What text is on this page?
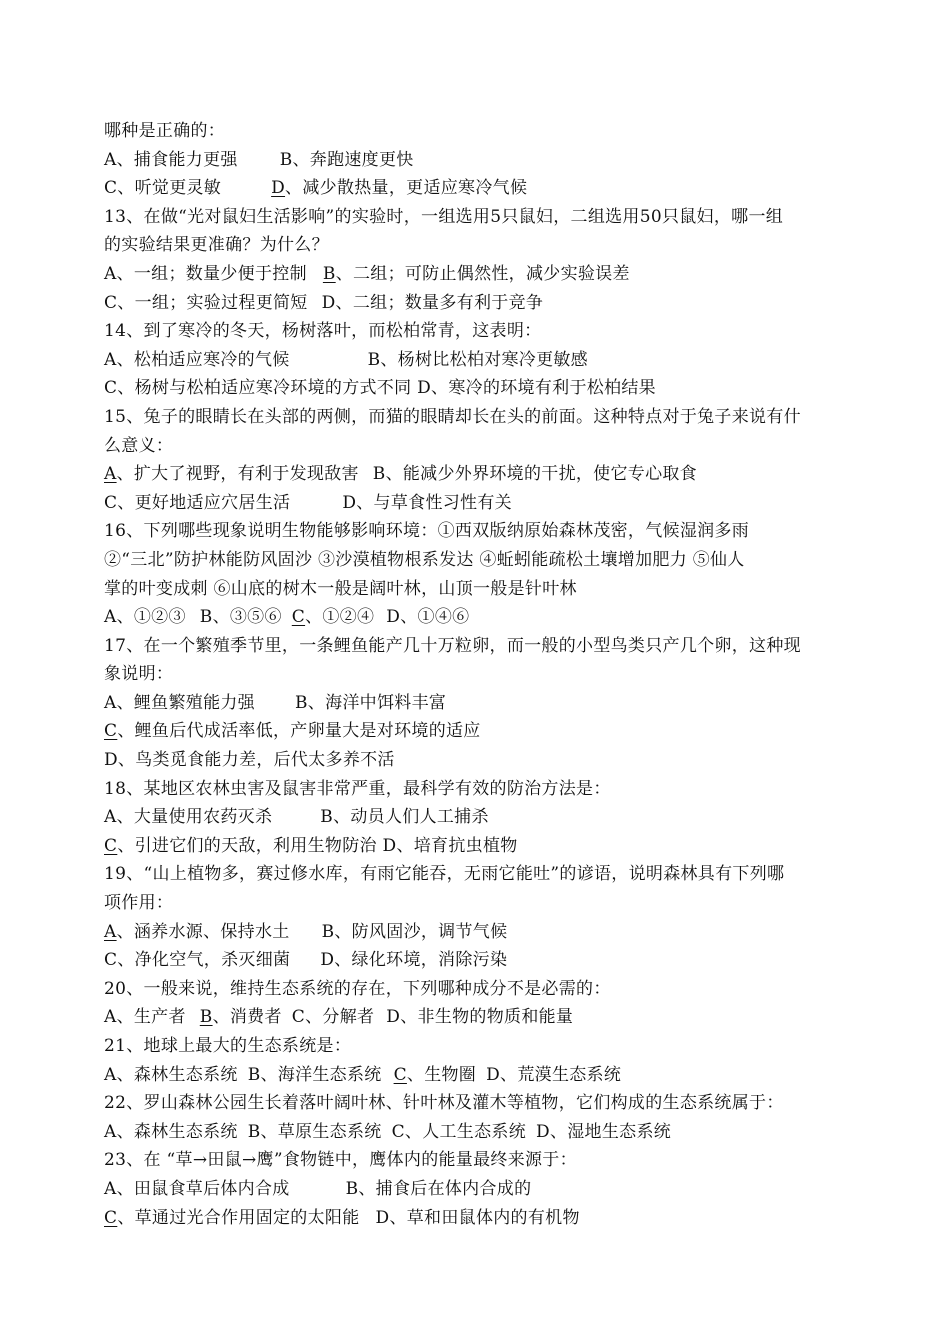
哪种是正确的：
A、捕食能力更强 B、奔跑速度更快
C、听觉更灵敏	D、减少散热量，更适应寒冷气候
13、在做“光对鼠妇生活影响”的实验时，一组选用5只鼠妇，二组选用50只鼠妇，哪一组
的实验结果更准确？为什么？
A、一组；数量少便于控制 B、二组；可防止偶然性，减少实验误差
C、一组；实验过程更简短 D、二组；数量多有利于竞争
14、到了寒冷的冬天，杨树落叶，而松柏常青，这表明：
A、松柏适应寒冷的气候	B、杨树比松柏对寒冷更敏感
C、杨树与松柏适应寒冷环境的方式不同 D、寒冷的环境有利于松柏结果
15、兔子的眼睛长在头部的两侧，而猫的眼睛却长在头的前面。这种特点对于兔子来说有什
么意义：
A、扩大了视野，有利于发现敌害 B、能减少外界环境的干扰，使它专心取食
C、更好地适应穴居生活	D、与草食性习性有关
16、下列哪些现象说明生物能够影响环境：①西双版纳原始森林茂密，气候湿润多雨
②“三北”防护林能防风固沙 ③沙漠植物根系发达 ④蚯蚓能疏松土壤增加肥力 ⑤仙人
掌的叶变成刺 ⑥山底的树木一般是阔叶林，山顶一般是针叶林
A、①②③ B、③⑤⑥ C、①②④ D、①④⑥
17、在一个繁殖季节里，一条鲤鱼能产几十万粒卵，而一般的小型鸟类只产几个卵，这种现
象说明：
A、鲤鱼繁殖能力强 B、海洋中饵料丰富
C、鲤鱼后代成活率低，产卵量大是对环境的适应
D、鸟类觅食能力差，后代太多养不活
18、某地区农林虫害及鼠害非常严重，最科学有效的防治方法是：
A、大量使用农药灭杀	B、动员人们人工捕杀
C、引进它们的天敌，利用生物防治 D、培育抗虫植物
19、“山上植物多，赛过修水库，有雨它能吞，无雨它能吐”的谚语，说明森林具有下列哪
项作用：
A、涵养水源、保持水土 B、防风固沙，调节气候
C、净化空气，杀灭细菌 D、绿化环境，消除污染
20、一般来说，维持生态系统的存在，下列哪种成分不是必需的：
A、生产者 B、消费者 C、分解者 D、非生物的物质和能量
21、地球上最大的生态系统是：
A、森林生态系统 B、海洋生态系统 C、生物圈 D、荒漠生态系统
22、罗山森林公园生长着落叶阔叶林、针叶林及灌木等植物，它们构成的生态系统属于：
A、森林生态系统 B、草原生态系统 C、人工生态系统 D、湿地生态系统
23、在 “草→田鼠→鹰”食物链中，鹰体内的能量最终来源于：
A、田鼠食草后体内合成	B、捕食后在体内合成的
C、草通过光合作用固定的太阳能 D、草和田鼠体内的有机物
